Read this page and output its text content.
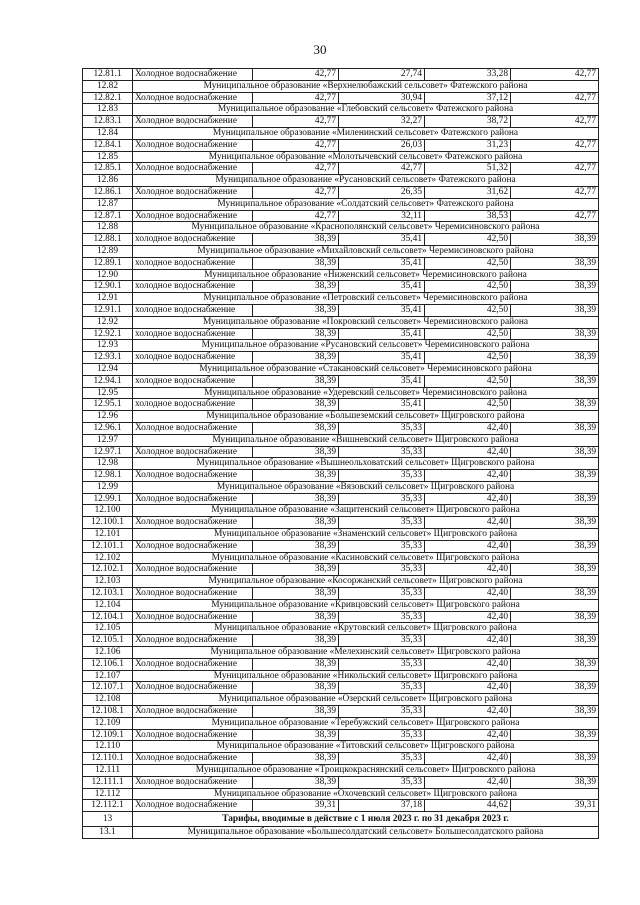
30
12.81.1	Холодное водоснабжение	42,77	27,74	33,28	42,77
12.82	Муниципальное образование «Верхнелюбажский сельсовет» Фатежского района				
12.82.1	Холодное водоснабжение	42,77	30,94	37,12	42,77
12.83	Муниципальное образование «Глебовский сельсовет» Фатежского района				
12.83.1	Холодное водоснабжение	42,77	32,27	38,72	42,77
12.84	Муниципальное образование «Миленинский сельсовет» Фатежского района				
12.84.1	Холодное водоснабжение	42,77	26,03	31,23	42,77
12.85	Муниципальное образование «Молотычевский сельсовет» Фатежского района				
12.85.1	Холодное водоснабжение	42,77	42,77	51,32	42,77
12.86	Муниципальное образование «Русановский сельсовет» Фатежского района				
12.86.1	Холодное водоснабжение	42,77	26,35	31,62	42,77
12.87	Муниципальное образование «Солдатский сельсовет» Фатежского района				
12.87.1	Холодное водоснабжение	42,77	32,11	38,53	42,77
12.88	Муниципальное образование «Краснополянский сельсовет» Черемисиновского района				
12.88.1	холодное водоснабжение	38,39	35,41	42,50	38,39
12.89	Муниципальное образование «Михайловский сельсовет» Черемисиновского района				
12.89.1	холодное водоснабжение	38,39	35,41	42,50	38,39
12.90	Муниципальное образование «Ниженский сельсовет» Черемисиновского района				
12.90.1	холодное водоснабжение	38,39	35,41	42,50	38,39
12.91	Муниципальное образование «Петровский сельсовет» Черемисиновского района				
12.91.1	холодное водоснабжение	38,39	35,41	42,50	38,39
12.92	Муниципальное образование «Покровский сельсовет» Черемисиновского района				
12.92.1	холодное водоснабжение	38,39	35,41	42,50	38,39
12.93	Муниципальное образование «Русановский сельсовет» Черемисиновского района				
12.93.1	холодное водоснабжение	38,39	35,41	42,50	38,39
12.94	Муниципальное образование «Стакановский сельсовет» Черемисиновского района				
12.94.1	холодное водоснабжение	38,39	35,41	42,50	38,39
12.95	Муниципальное образование «Удеревский сельсовет» Черемисиновского района				
12.95.1	холодное водоснабжение	38,39	35,41	42,50	38,39
12.96	Муниципальное образование «Большеземский сельсовет» Щигровского района				
12.96.1	Холодное водоснабжение	38,39	35,33	42,40	38,39
12.97	Муниципальное образование «Вишневский сельсовет» Щигровского района				
12.97.1	Холодное водоснабжение	38,39	35,33	42,40	38,39
12.98	Муниципальное образование «Вышнеольховатский сельсовет» Щигровского района				
12.98.1	Холодное водоснабжение	38,39	35,33	42,40	38,39
12.99	Муниципальное образование «Вязовский сельсовет» Щигровского района				
12.99.1	Холодное водоснабжение	38,39	35,33	42,40	38,39
12.100	Муниципальное образование «Защитенский сельсовет» Щигровского района				
12.100.1	Холодное водоснабжение	38,39	35,33	42,40	38,39
12.101	Муниципальное образование «Знаменский сельсовет» Щигровского района				
12.101.1	Холодное водоснабжение	38,39	35,33	42,40	38,39
12.102	Муниципальное образование «Касиновский сельсовет» Щигровского района				
12.102.1	Холодное водоснабжение	38,39	35,33	42,40	38,39
12.103	Муниципальное образование «Косоржанский сельсовет» Щигровского района				
12.103.1	Холодное водоснабжение	38,39	35,33	42,40	38,39
12.104	Муниципальное образование «Кривцовский сельсовет» Щигровского района				
12.104.1	Холодное водоснабжение	38,39	35,33	42,40	38,39
12.105	Муниципальное образование «Крутовский сельсовет» Щигровского района				
12.105.1	Холодное водоснабжение	38,39	35,33	42,40	38,39
12.106	Муниципальное образование «Мелехинский сельсовет» Щигровского района				
12.106.1	Холодное водоснабжение	38,39	35,33	42,40	38,39
12.107	Муниципальное образование «Никольский сельсовет» Щигровского района				
12.107.1	Холодное водоснабжение	38,39	35,33	42,40	38,39
12.108	Муниципальное образование «Озерский сельсовет» Щигровского района				
12.108.1	Холодное водоснабжение	38,39	35,33	42,40	38,39
12.109	Муниципальное образование «Теребужский сельсовет» Щигровского района				
12.109.1	Холодное водоснабжение	38,39	35,33	42,40	38,39
12.110	Муниципальное образование «Титовский сельсовет» Щигровского района				
12.110.1	Холодное водоснабжение	38,39	35,33	42,40	38,39
12.111	Муниципальное образование «Троицкокраснянский сельсовет» Щигровского района				
12.111.1	Холодное водоснабжение	38,39	35,33	42,40	38,39
12.112	Муниципальное образование «Охочевский сельсовет» Щигровского района				
12.112.1	Холодное водоснабжение	39,31	37,18	44,62	39,31
13	Тарифы, вводимые в действие с 1 июля 2023 г. по 31 декабря 2023 г.				
13.1	Муниципальное образование «Большесолдатский сельсовет» Большесолдатского района				
